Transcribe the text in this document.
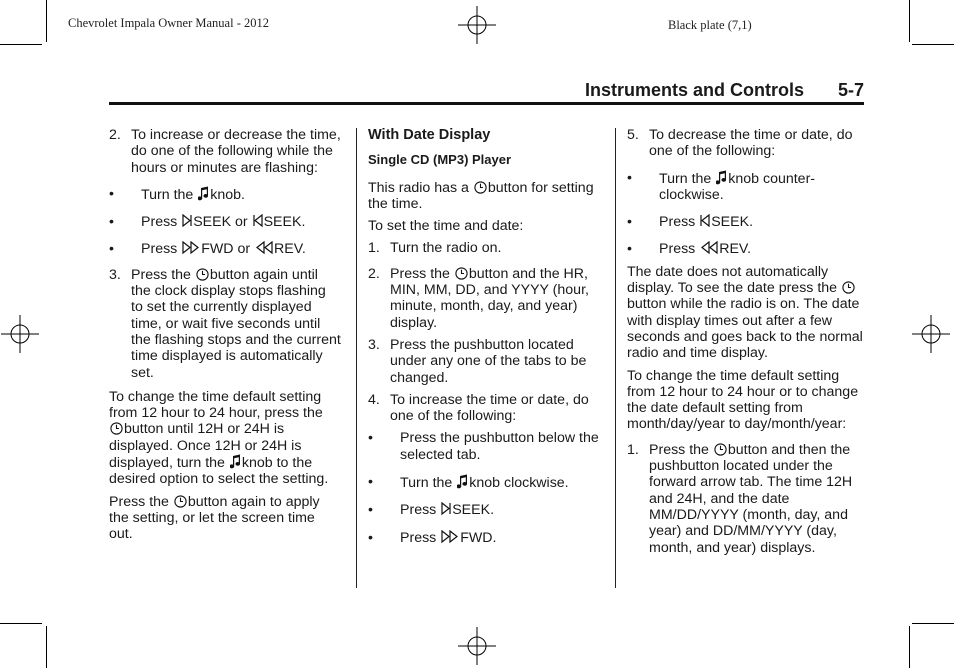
Chevrolet Impala Owner Manual - 2012	Black plate (7,1)
Instruments and Controls 5-7
2. To increase or decrease the time, do one of the following while the hours or minutes are flashing:
• Turn the knob.
• Press SEEK or SEEK.
• Press FWD or REV.
3. Press the button again until the clock display stops flashing to set the currently displayed time, or wait five seconds until the flashing stops and the current time displayed is automatically set.

To change the time default setting from 12 hour to 24 hour, press the
button until 12H or 24H is displayed. Once 12H or 24H is displayed, turn the knob to the desired option to select the setting.

Press the button again to apply the setting, or let the screen time out.

With Date Display
Single CD (MP3) Player

This radio has a button for setting the time.

To set the time and date:

1. Turn the radio on.
2. Press the button and the HR, MIN, MM, DD, and YYYY (hour, minute, month, day, and year) display.
3. Press the pushbutton located under any one of the tabs to be changed.
4. To increase the time or date, do one of the following:
• Press the pushbutton below the selected tab.
• Turn the knob clockwise.
• Press SEEK.
• Press FWD.
5. To decrease the time or date, do one of the following:
• Turn the knob counter-clockwise.
• Press SEEK.
• Press REV.

The date does not automatically display. To see the date press the
button while the radio is on. The date with display times out after a few seconds and goes back to the normal radio and time display.

To change the time default setting from 12 hour to 24 hour or to change the date default setting from month/day/year to day/month/year:

1. Press the button and then the pushbutton located under the forward arrow tab. The time 12H and 24H, and the date MM/DD/YYYY (month, day, and year) and DD/MM/YYYY (day, month, and year) displays.
